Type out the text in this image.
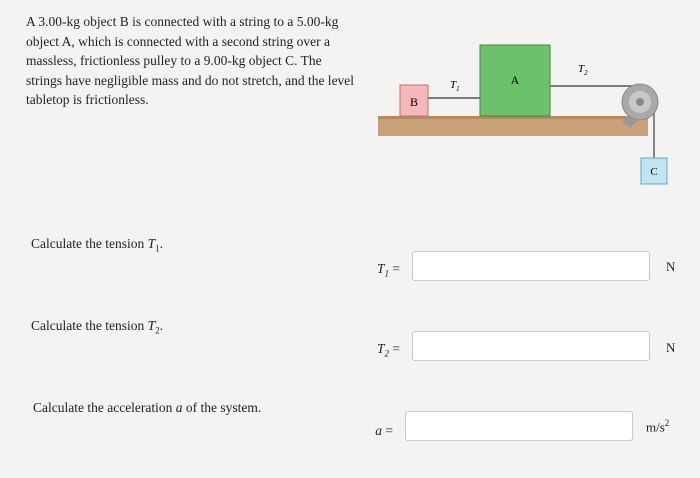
A 3.00-kg object B is connected with a string to a 5.00-kg object A, which is connected with a second string over a massless, frictionless pulley to a 9.00-kg object C. The strings have negligible mass and do not stretch, and the level tabletop is frictionless.	B
A
C
$T_1$
$T_2$
Calculate the tension $T_1$.
$T_1$ =	N
Calculate the tension $T_2$.
$T_2$ =	N
Calculate the acceleration a of the system.
a =	$m/s^2$
